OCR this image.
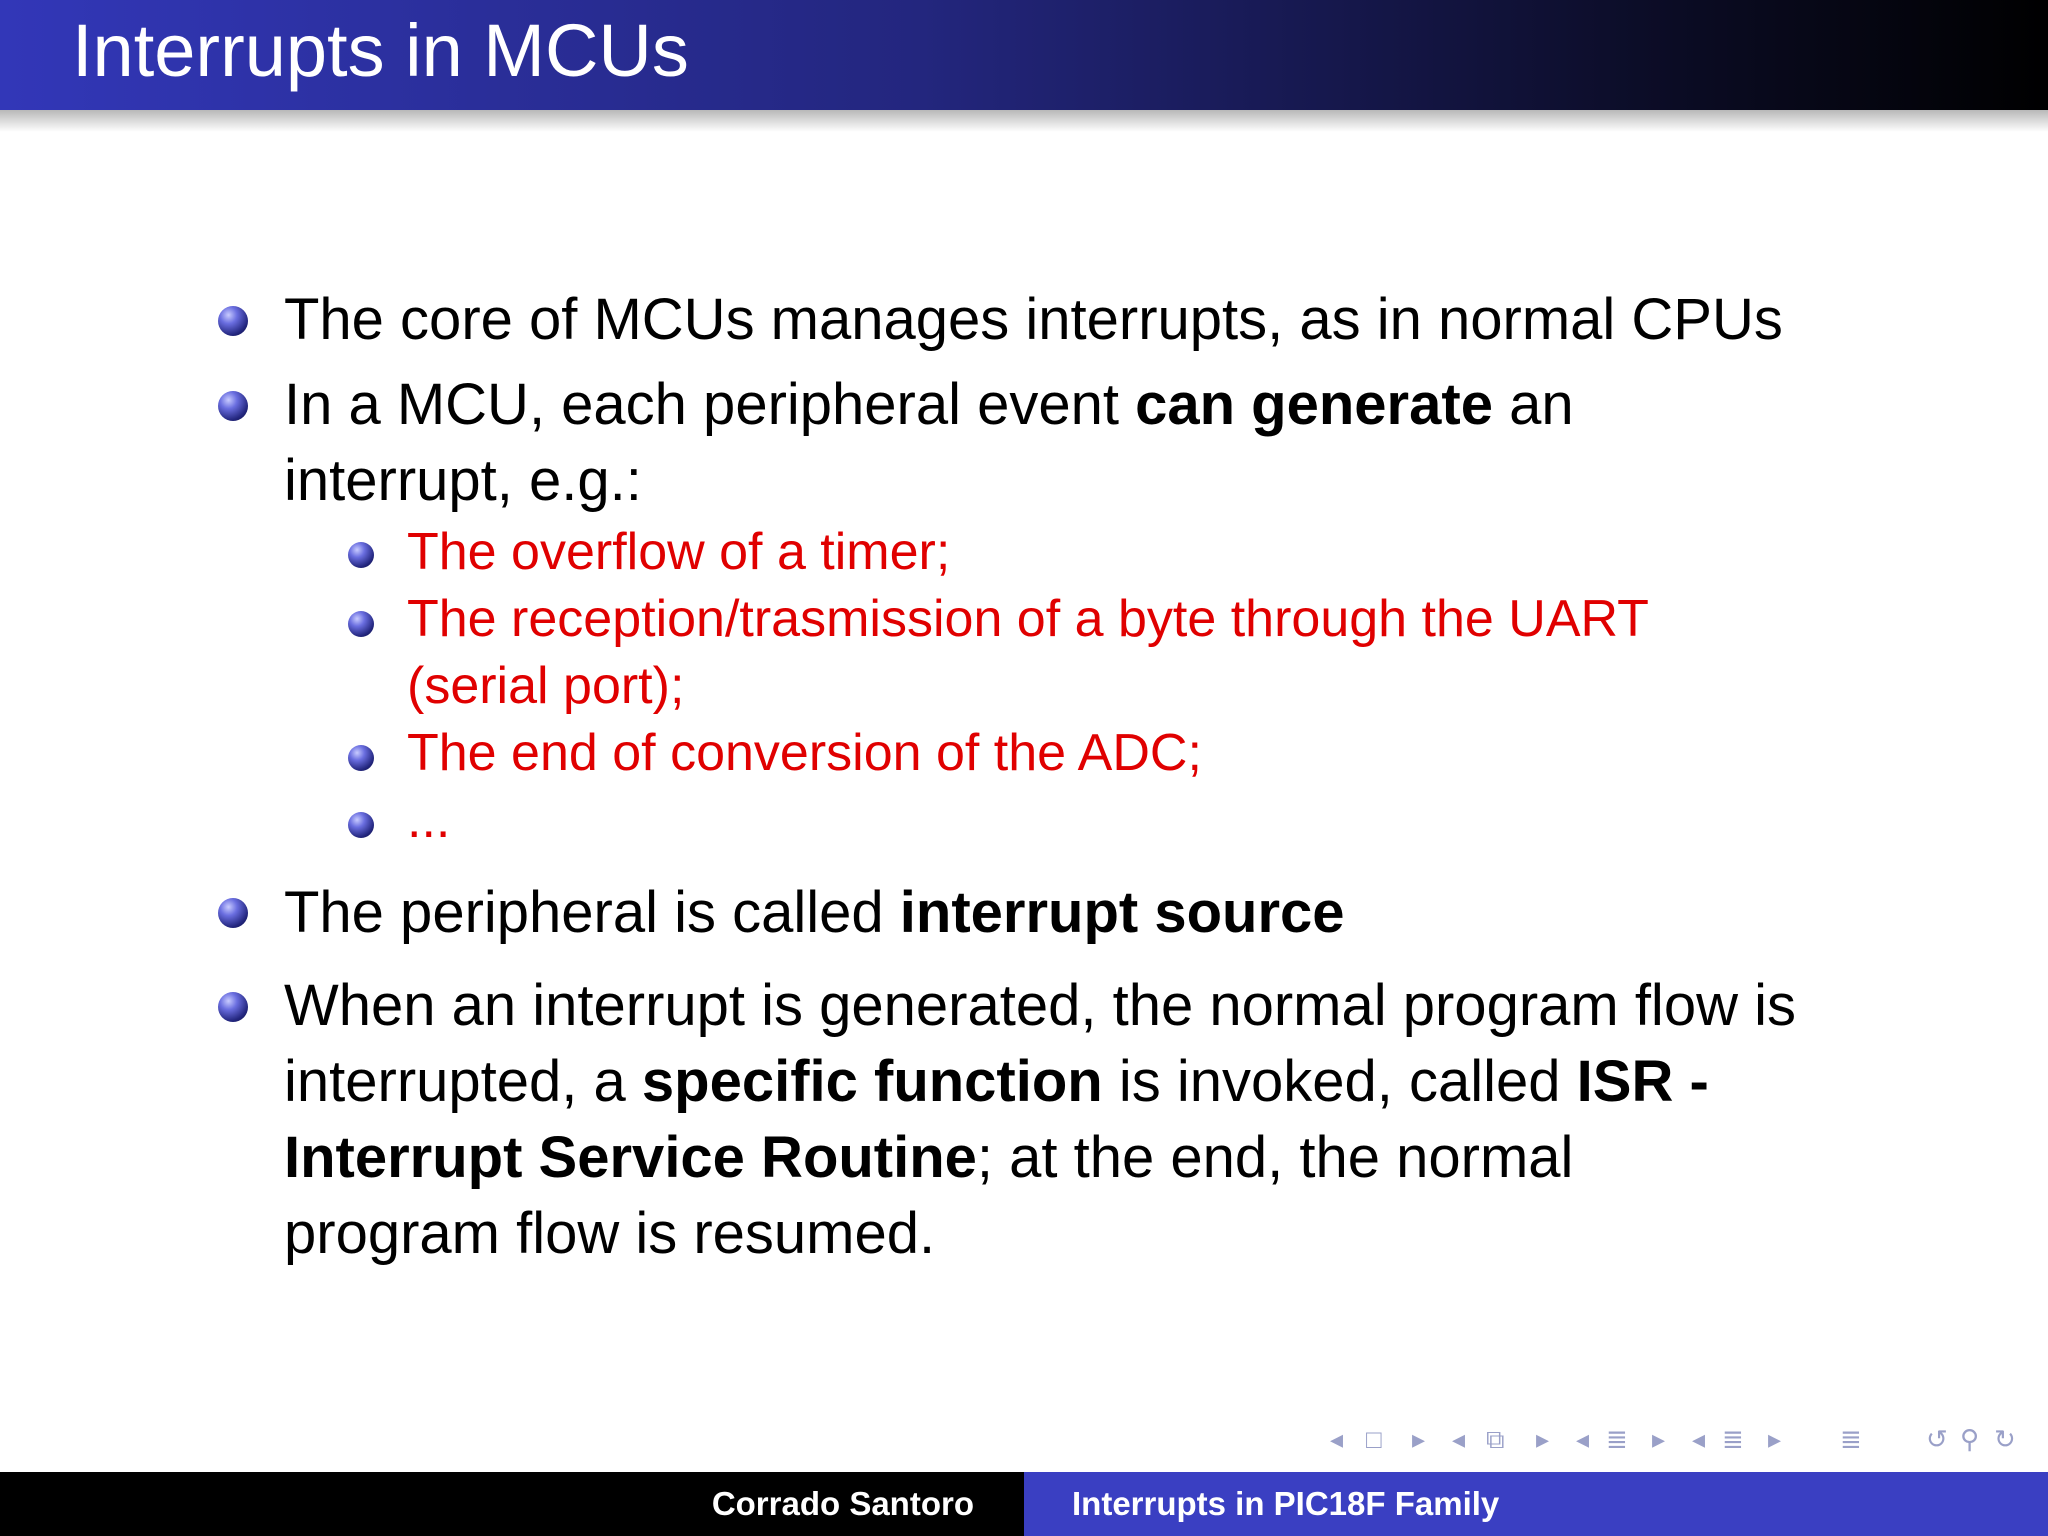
Interrupts in MCUs
The core of MCUs manages interrupts, as in normal CPUs
In a MCU, each peripheral event can generate an
interrupt, e.g.:
The overflow of a timer;
The reception/trasmission of a byte through the UART
(serial port);
The end of conversion of the ADC;
...
The peripheral is called interrupt source
When an interrupt is generated, the normal program flow is
interrupted, a specific function is invoked, called ISR -
Interrupt Service Routine; at the end, the normal
program flow is resumed.
◂ □ ▸ ◂ ⧉ ▸ ◂ ≣ ▸ ◂ ≣ ▸ ≣ ↺ ⚲ ↻
Corrado Santoro	Interrupts in PIC18F Family
